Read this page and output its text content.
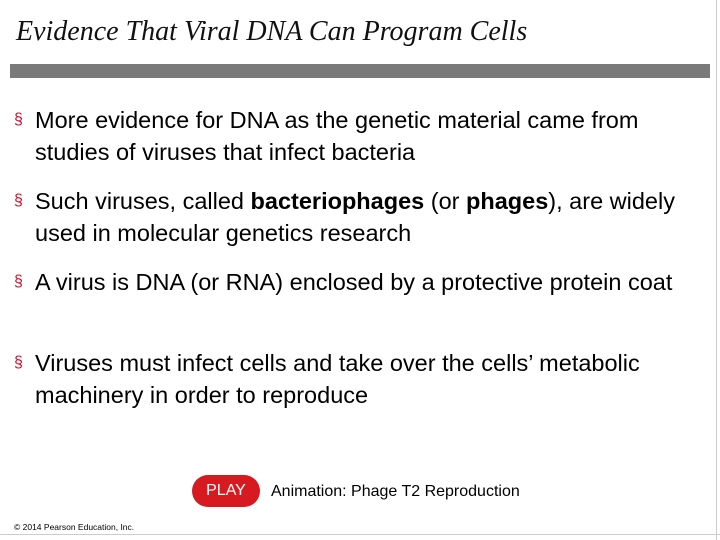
Evidence That Viral DNA Can Program Cells
§ More evidence for DNA as the genetic material came from studies of viruses that infect bacteria
§ Such viruses, called bacteriophages (or phages), are widely used in molecular genetics research
§ A virus is DNA (or RNA) enclosed by a protective protein coat
§ Viruses must infect cells and take over the cells’ metabolic machinery in order to reproduce
PLAY	Animation: Phage T2 Reproduction
© 2014 Pearson Education, Inc.
